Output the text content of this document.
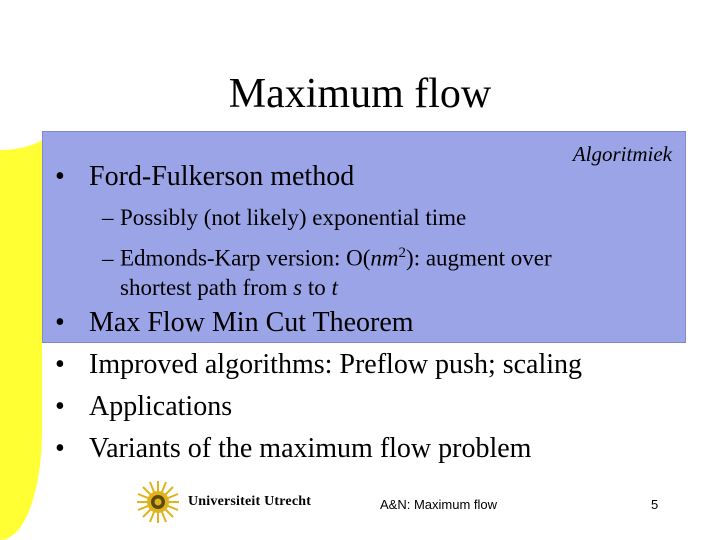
Maximum flow
Algoritmiek
• Ford-Fulkerson method
– Possibly (not likely) exponential time
– Edmonds-Karp version: $O(nm^2)$: augment over
shortest path from s to t
• Max Flow Min Cut Theorem
• Improved algorithms: Preflow push; scaling
• Applications
• Variants of the maximum flow problem
Universiteit Utrecht	A&N: Maximum flow	5
